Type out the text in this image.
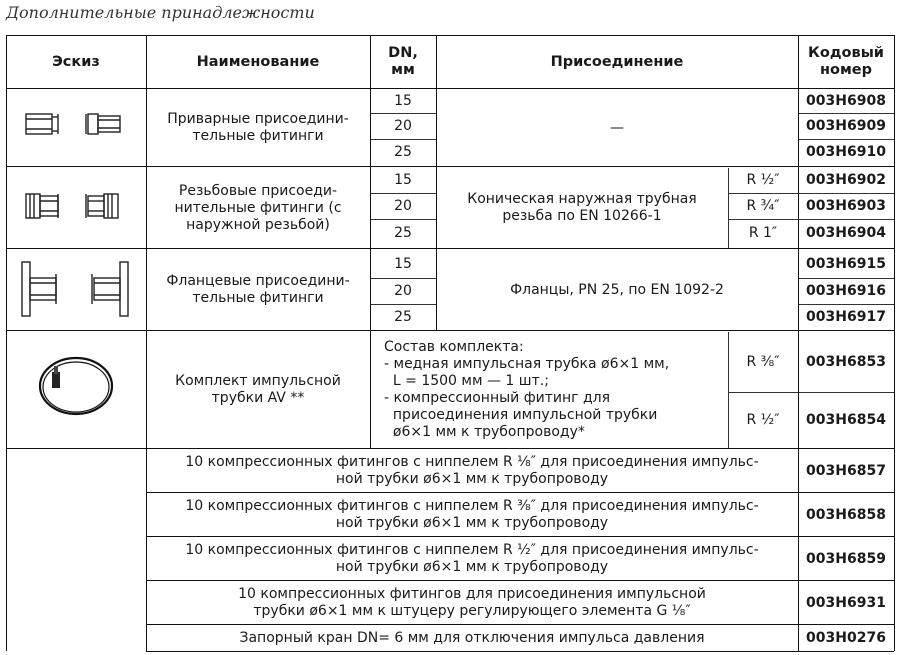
Дополнительные принадлежности
Эскиз	Наименование
DN, мм
Присоединение
Кодовый номер
Приварные присоедини-тельные фитинги
15
20
25
—
003H6908
003H6909
003H6910
Резьбовые присоеди-нительные фитинги (с наружной резьбой)
15
20
25
Коническая наружная трубная резьба по EN 10266-1
R ½″
R ¾″
R 1″
003H6902
003H6903
003H6904
Фланцевые присоедини-тельные фитинги
15
20
25
Фланцы, PN 25, по EN 1092-2
003H6915
003H6916
003H6917
Комплект импульсной трубки AV **
Состав комплекта:
- медная импульсная трубка ø6×1 мм,
L = 1500 мм — 1 шт.;
- компрессионный фитинг для
присоединения импульсной трубки
ø6×1 мм к трубопроводу*
R ⅜″
R ½″
003H6853
003H6854
10 компрессионных фитингов с ниппелем R ⅛″ для присоединения импульс-
ной трубки ø6×1 мм к трубопроводу
003H6857
10 компрессионных фитингов с ниппелем R ⅜″ для присоединения импульс-
ной трубки ø6×1 мм к трубопроводу
003H6858
10 компрессионных фитингов с ниппелем R ½″ для присоединения импульс-
ной трубки ø6×1 мм к трубопроводу
003H6859
10 компрессионных фитингов для присоединения импульсной
трубки ø6×1 мм к штуцеру регулирующего элемента G ⅛″
003H6931
Запорный кран DN= 6 мм для отключения импульса давления	003H0276
